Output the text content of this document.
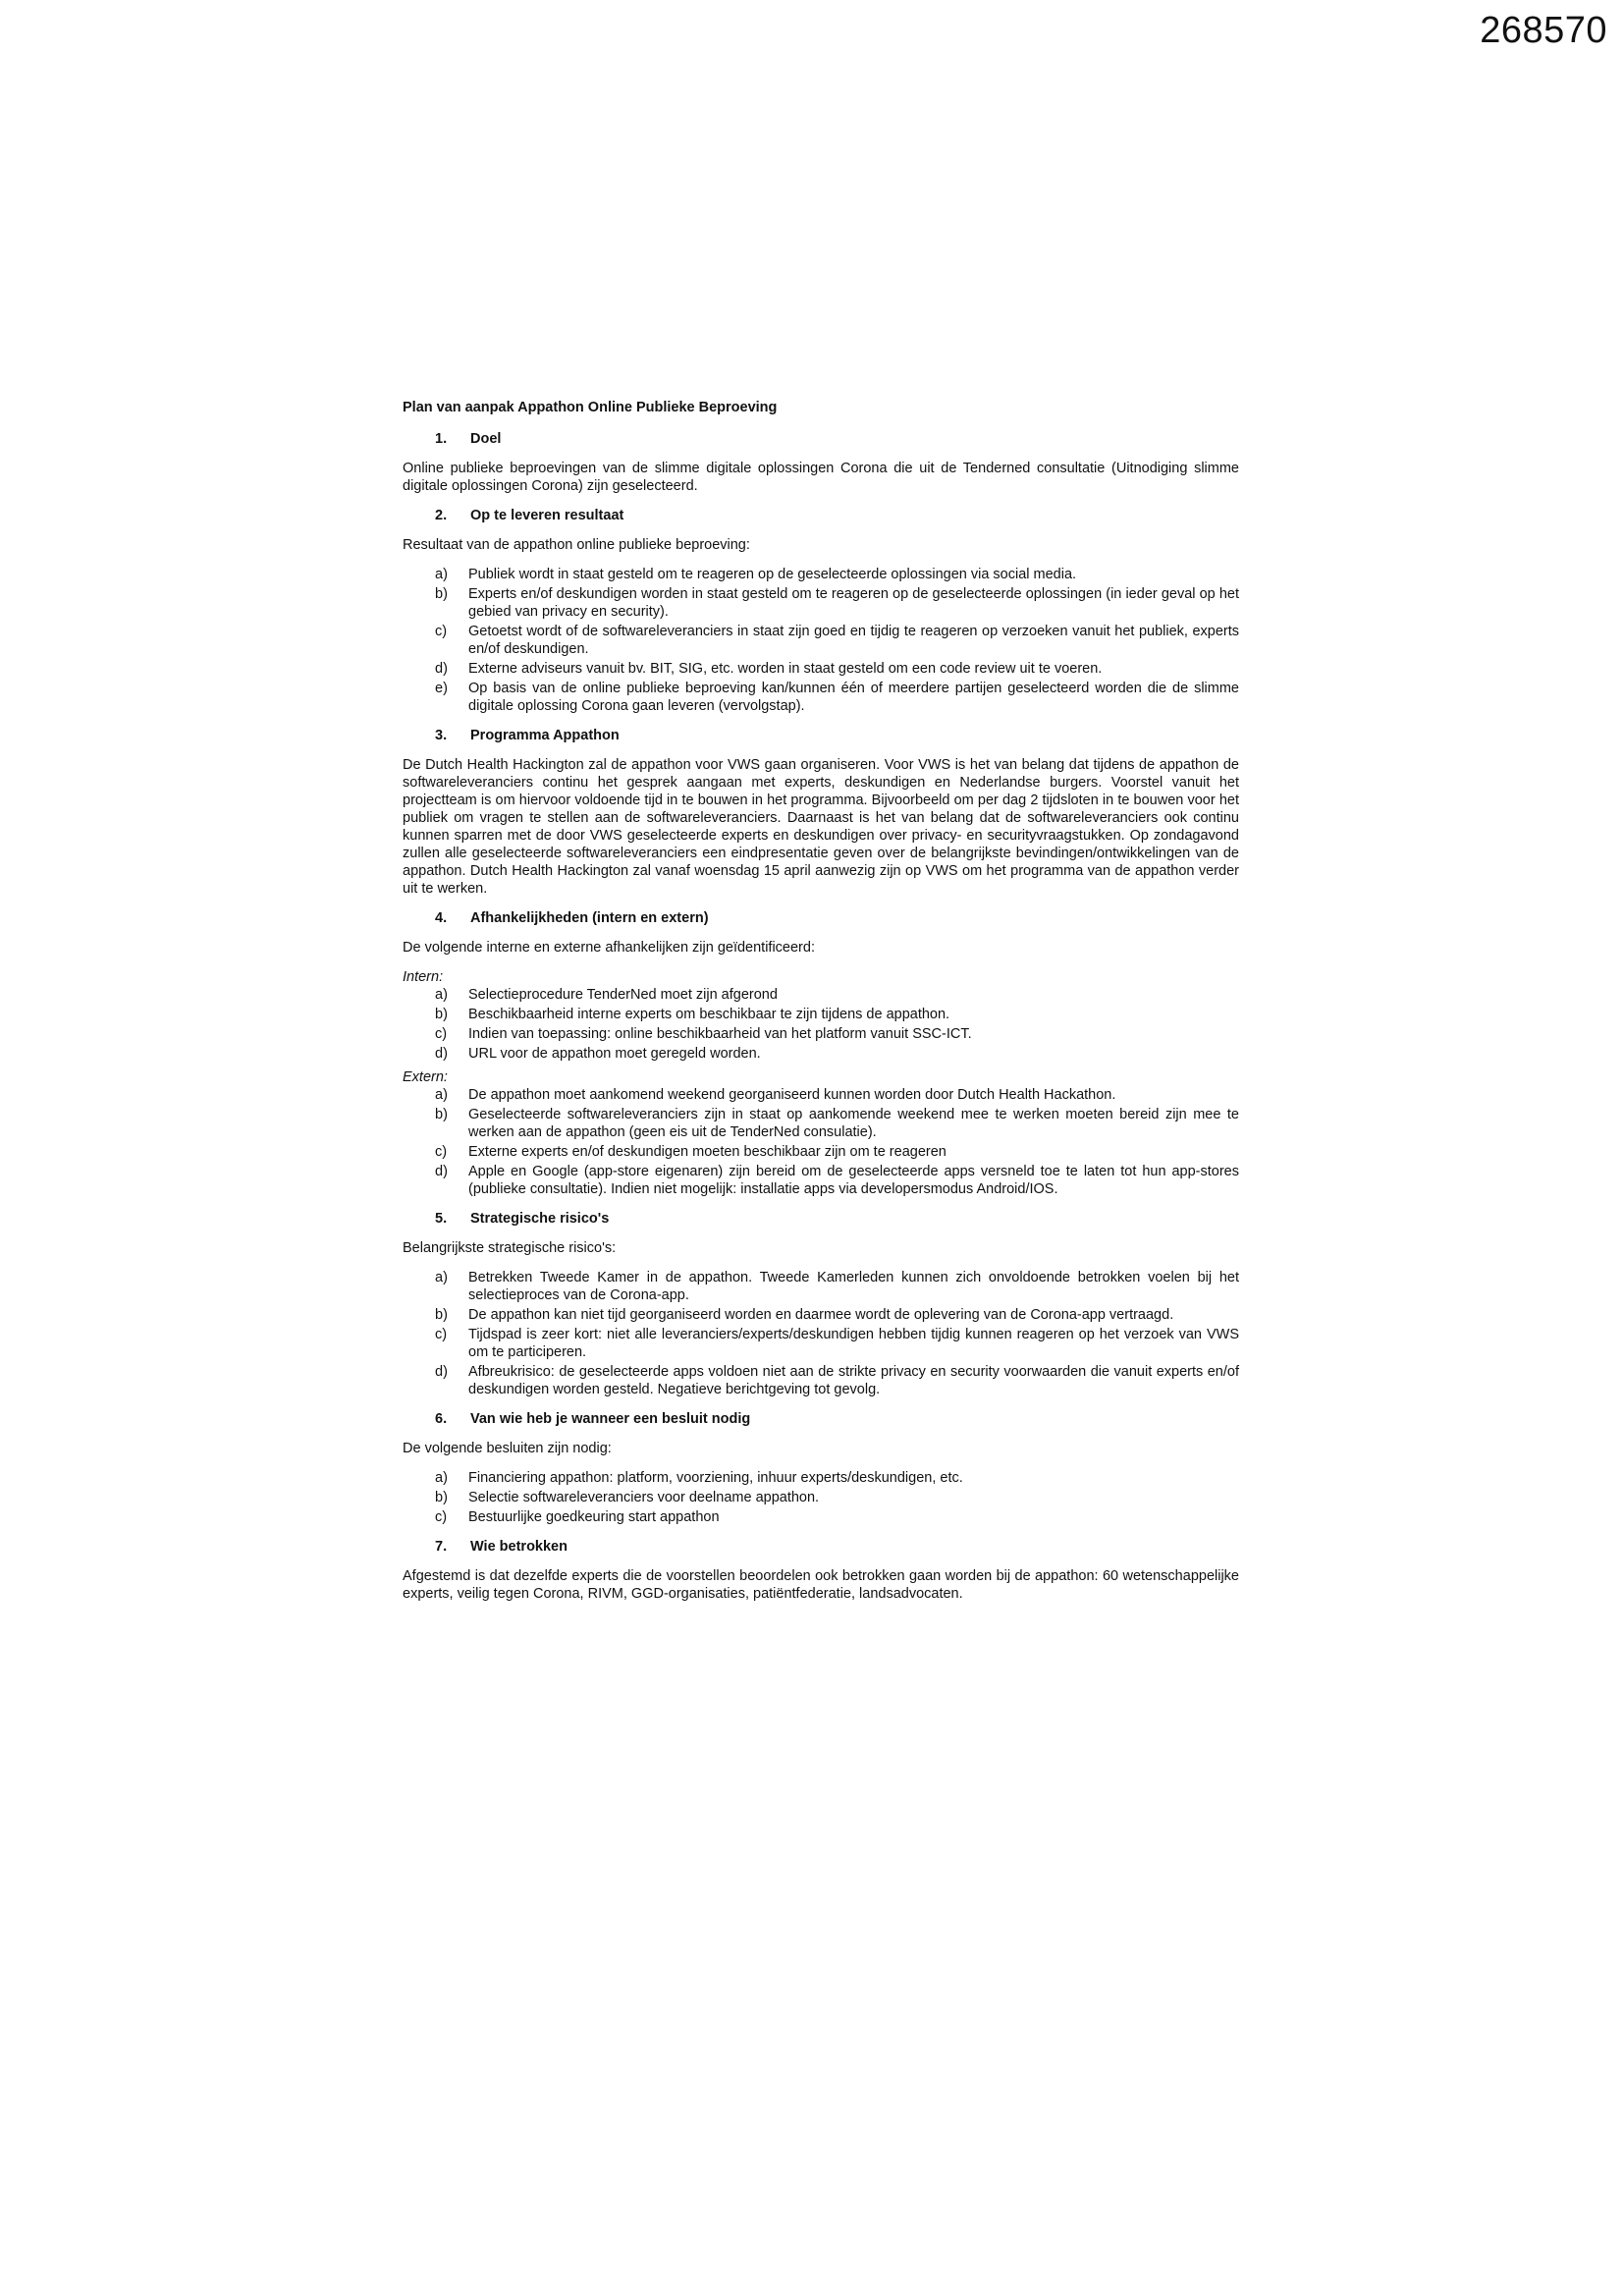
268570

Plan van aanpak Appathon Online Publieke Beproeving

1. Doel

Online publieke beproevingen van de slimme digitale oplossingen Corona die uit de Tenderned consultatie (Uitnodiging slimme digitale oplossingen Corona) zijn geselecteerd.

2. Op te leveren resultaat

Resultaat van de appathon online publieke beproeving:

a)	Publiek wordt in staat gesteld om te reageren op de geselecteerde oplossingen via social media.
b)	Experts en/of deskundigen worden in staat gesteld om te reageren op de geselecteerde oplossingen (in ieder geval op het gebied van privacy en security).
c)	Getoetst wordt of de softwareleveranciers in staat zijn goed en tijdig te reageren op verzoeken vanuit het publiek, experts en/of deskundigen.
d)	Externe adviseurs vanuit bv. BIT, SIG, etc. worden in staat gesteld om een code review uit te voeren.
e)	Op basis van de online publieke beproeving kan/kunnen één of meerdere partijen geselecteerd worden die de slimme digitale oplossing Corona gaan leveren (vervolgstap).

3. Programma Appathon

De Dutch Health Hackington zal de appathon voor VWS gaan organiseren. Voor VWS is het van belang dat tijdens de appathon de softwareleveranciers continu het gesprek aangaan met experts, deskundigen en Nederlandse burgers. Voorstel vanuit het projectteam is om hiervoor voldoende tijd in te bouwen in het programma. Bijvoorbeeld om per dag 2 tijdsloten in te bouwen voor het publiek om vragen te stellen aan de softwareleveranciers. Daarnaast is het van belang dat de softwareleveranciers ook continu kunnen sparren met de door VWS geselecteerde experts en deskundigen over privacy- en securityvraagstukken. Op zondagavond zullen alle geselecteerde softwareleveranciers een eindpresentatie geven over de belangrijkste bevindingen/ontwikkelingen van de appathon. Dutch Health Hackington zal vanaf woensdag 15 april aanwezig zijn op VWS om het programma van de appathon verder uit te werken.

4. Afhankelijkheden (intern en extern)

De volgende interne en externe afhankelijken zijn geïdentificeerd:

Intern:

a)	Selectieprocedure TenderNed moet zijn afgerond
b)	Beschikbaarheid interne experts om beschikbaar te zijn tijdens de appathon.
c)	Indien van toepassing: online beschikbaarheid van het platform vanuit SSC-ICT.
d)	URL voor de appathon moet geregeld worden.

Extern:

a)	De appathon moet aankomend weekend georganiseerd kunnen worden door Dutch Health Hackathon.
b)	Geselecteerde softwareleveranciers zijn in staat op aankomende weekend mee te werken moeten bereid zijn mee te werken aan de appathon (geen eis uit de TenderNed consulatie).
c)	Externe experts en/of deskundigen moeten beschikbaar zijn om te reageren
d)	Apple en Google (app-store eigenaren) zijn bereid om de geselecteerde apps versneld toe te laten tot hun app-stores (publieke consultatie). Indien niet mogelijk: installatie apps via developersmodus Android/IOS.

5. Strategische risico's

Belangrijkste strategische risico's:

a)	Betrekken Tweede Kamer in de appathon. Tweede Kamerleden kunnen zich onvoldoende betrokken voelen bij het selectieproces van de Corona-app.
b)	De appathon kan niet tijd georganiseerd worden en daarmee wordt de oplevering van de Corona-app vertraagd.
c)	Tijdspad is zeer kort: niet alle leveranciers/experts/deskundigen hebben tijdig kunnen reageren op het verzoek van VWS om te participeren.
d)	Afbreukrisico: de geselecteerde apps voldoen niet aan de strikte privacy en security voorwaarden die vanuit experts en/of deskundigen worden gesteld. Negatieve berichtgeving tot gevolg.

6. Van wie heb je wanneer een besluit nodig

De volgende besluiten zijn nodig:

a)	Financiering appathon: platform, voorziening, inhuur experts/deskundigen, etc.
b)	Selectie softwareleveranciers voor deelname appathon.
c)	Bestuurlijke goedkeuring start appathon

7. Wie betrokken

Afgestemd is dat dezelfde experts die de voorstellen beoordelen ook betrokken gaan worden bij de appathon: 60 wetenschappelijke experts, veilig tegen Corona, RIVM, GGD-organisaties, patiëntfederatie, landsadvocaten.
